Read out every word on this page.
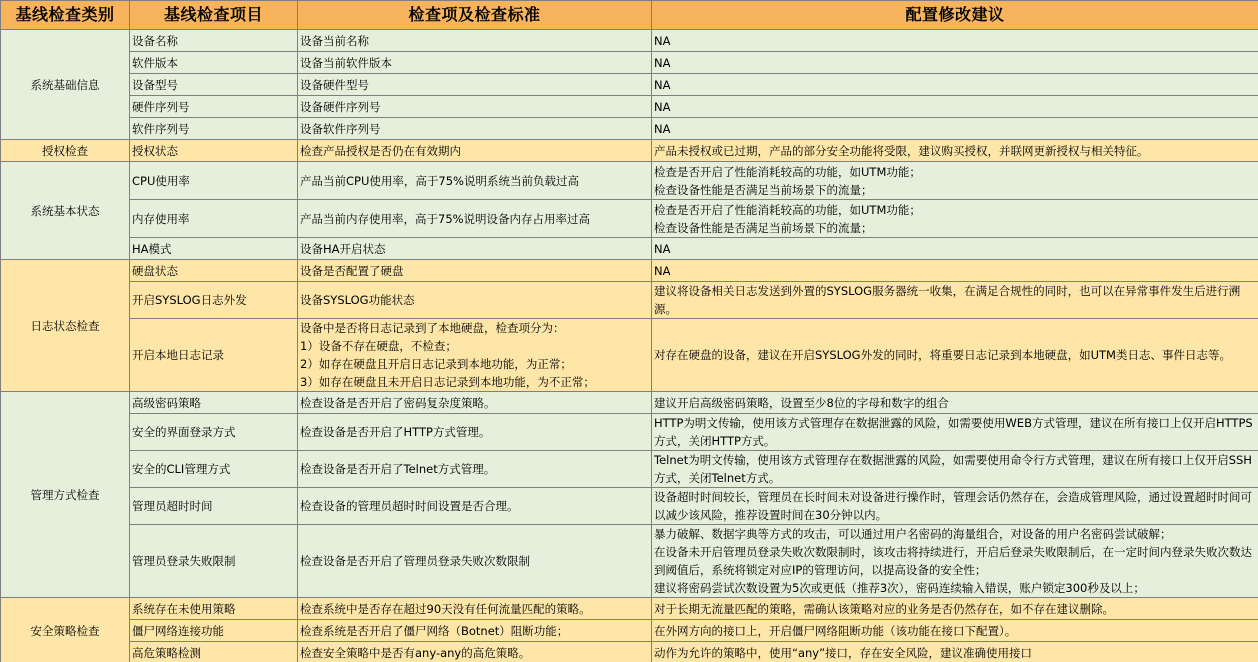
基线检查类别	基线检查项目	检查项及检查标准	配置修改建议
系统基础信息	设备名称	设备当前名称	NA

	软件版本	设备当前软件版本	NA

	设备型号	设备硬件型号	NA

	硬件序列号	设备硬件序列号	NA

	软件序列号	设备软件序列号	NA

授权检查	授权状态	检查产品授权是否仍在有效期内	产品未授权或已过期，产品的部分安全功能将受限，建议购买授权，并联网更新授权与相关特征。

系统基本状态	CPU使用率	产品当前CPU使用率，高于75%说明系统当前负载过高	检查是否开启了性能消耗较高的功能，如UTM功能；
检查设备性能是否满足当前场景下的流量；

	内存使用率	产品当前内存使用率，高于75%说明设备内存占用率过高	检查是否开启了性能消耗较高的功能，如UTM功能；
检查设备性能是否满足当前场景下的流量；

	HA模式	设备HA开启状态	NA

日志状态检查	硬盘状态	设备是否配置了硬盘	NA

	开启SYSLOG日志外发	设备SYSLOG功能状态	建议将设备相关日志发送到外置的SYSLOG服务器统一收集，在满足合规性的同时，也可以在异常事件发生后进行溯源。

	开启本地日志记录	设备中是否将日志记录到了本地硬盘，检查项分为：
1）设备不存在硬盘，不检查；
2）如存在硬盘且开启日志记录到本地功能，为正常；
3）如存在硬盘且未开启日志记录到本地功能，为不正常；	对存在硬盘的设备，建议在开启SYSLOG外发的同时，将重要日志记录到本地硬盘，如UTM类日志、事件日志等。

管理方式检查	高级密码策略	检查设备是否开启了密码复杂度策略。	建议开启高级密码策略，设置至少8位的字母和数字的组合

	安全的界面登录方式	检查设备是否开启了HTTP方式管理。	HTTP为明文传输，使用该方式管理存在数据泄露的风险，如需要使用WEB方式管理，建议在所有接口上仅开启HTTPS方式，关闭HTTP方式。

	安全的CLI管理方式	检查设备是否开启了Telnet方式管理。	Telnet为明文传输，使用该方式管理存在数据泄露的风险，如需要使用命令行方式管理，建议在所有接口上仅开启SSH方式，关闭Telnet方式。

	管理员超时时间	检查设备的管理员超时时间设置是否合理。	设备超时时间较长，管理员在长时间未对设备进行操作时，管理会话仍然存在，会造成管理风险，通过设置超时时间可以减少该风险，推荐设置时间在30分钟以内。

	管理员登录失败限制	检查设备是否开启了管理员登录失败次数限制	暴力破解、数据字典等方式的攻击，可以通过用户名密码的海量组合，对设备的用户名密码尝试破解；
在设备未开启管理员登录失败次数限制时，该攻击将持续进行，开启后登录失败限制后，在一定时间内登录失败次数达到阈值后，系统将锁定对应IP的管理访问，以提高设备的安全性；
建议将密码尝试次数设置为5次或更低（推荐3次），密码连续输入错误，账户锁定300秒及以上；

安全策略检查	系统存在未使用策略	检查系统中是否存在超过90天没有任何流量匹配的策略。	对于长期无流量匹配的策略，需确认该策略对应的业务是否仍然存在，如不存在建议删除。

	僵尸网络连接功能	检查系统是否开启了僵尸网络（Botnet）阻断功能；	在外网方向的接口上，开启僵尸网络阻断功能（该功能在接口下配置）。

	高危策略检测	检查安全策略中是否有any-any的高危策略。	动作为允许的策略中，使用“any”接口，存在安全风险，建议准确使用接口
